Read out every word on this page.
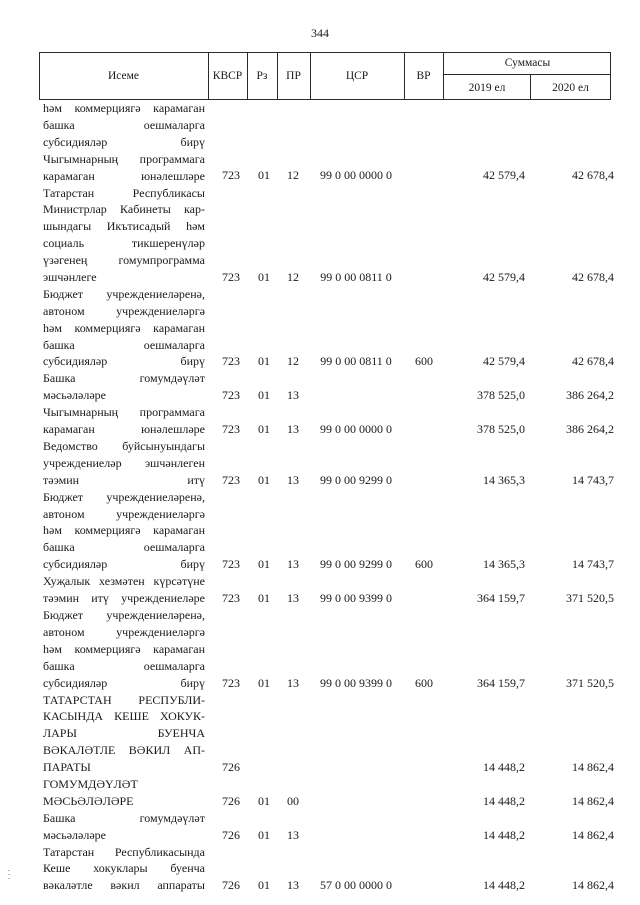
344
Исеме	КВСР	Рз	ПР	ЦСР	ВР
Суммасы
2019 ел	2020 ел
һәм коммерциягә карамаган
башка оешмаларга
субсидияләр бирү
Чыгымнарның программага
карамаган юнәлешләре	723	01	12	99 0 00 0000 0	42 579,4	42 678,4
Татарстан Республикасы
Министрлар Кабинеты кар-
шындагы Икътисадый һәм
социаль тикшеренүләр
үзәгенең гомумпрограмма
эшчәнлеге	723	01	12	99 0 00 0811 0	42 579,4	42 678,4
Бюджет учреждениеләренә,
автоном учреждениеләргә
һәм коммерциягә карамаган
башка оешмаларга
субсидияләр бирү	723	01	12	99 0 00 0811 0	600	42 579,4	42 678,4
Башка гомумдәүләт
мәсьәләләре	723	01	13	378 525,0	386 264,2
Чыгымнарның программага
карамаган юнәлешләре	723	01	13	99 0 00 0000 0	378 525,0	386 264,2
Ведомство буйсынуындагы
учреждениеләр эшчәнлеген
тәэмин итү	723	01	13	99 0 00 9299 0	14 365,3	14 743,7
Бюджет учреждениеләренә,
автоном учреждениеләргә
һәм коммерциягә карамаган
башка оешмаларга
субсидияләр бирү	723	01	13	99 0 00 9299 0	600	14 365,3	14 743,7
Хуҗалык хезмәтен күрсәтүне
тәэмин итү учреждениеләре	723	01	13	99 0 00 9399 0	364 159,7	371 520,5
Бюджет учреждениеләренә,
автоном учреждениеләргә
һәм коммерциягә карамаган
башка оешмаларга
субсидияләр бирү	723	01	13	99 0 00 9399 0	600	364 159,7	371 520,5
ТАТАРСТАН РЕСПУБЛИ-
КАСЫНДА КЕШЕ ХОКУК-
ЛАРЫ БУЕНЧА
ВӘКАЛӘТЛЕ ВӘКИЛ АП-
ПАРАТЫ	726	14 448,2	14 862,4
ГОМУМДӘҮЛӘТ
МӘСЬӘЛӘЛӘРЕ	726	01	00	14 448,2	14 862,4
Башка гомумдәүләт
мәсьәләләре	726	01	13	14 448,2	14 862,4
Татарстан Республикасында
Кеше хокуклары буенча
вәкаләтле вәкил аппараты	726	01	13	57 0 00 0000 0	14 448,2	14 862,4
